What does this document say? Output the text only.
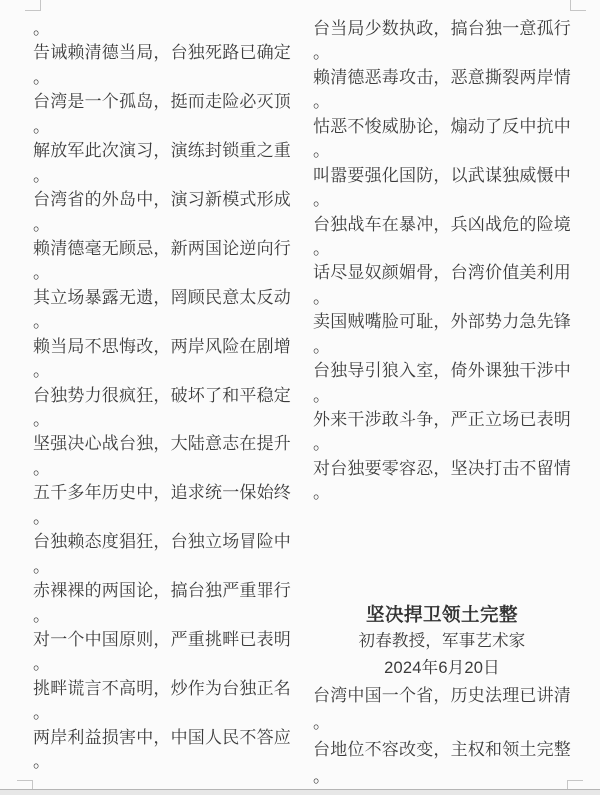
。
告诫赖清德当局，台独死路已确定
。
台湾是一个孤岛，挺而走险必灭顶
。
解放军此次演习，演练封锁重之重
。
台湾省的外岛中，演习新模式形成
。
赖清德毫无顾忌，新两国论逆向行
。
其立场暴露无遗，罔顾民意太反动
。
赖当局不思悔改，两岸风险在剧增
。
台独势力很疯狂，破坏了和平稳定
。
坚强决心战台独，大陆意志在提升
。
五千多年历史中，追求统一保始终
。
台独赖态度猖狂，台独立场冒险中
。
赤裸裸的两国论，搞台独严重罪行
。
对一个中国原则，严重挑畔已表明
。
挑畔谎言不高明，炒作为台独正名
。
两岸利益损害中，中国人民不答应
。
台当局少数执政，搞台独一意孤行
。
赖清德恶毒攻击，恶意撕裂两岸情
。
怙恶不悛威胁论，煽动了反中抗中
。
叫嚣要强化国防，以武谋独威慑中
。
台独战车在暴冲，兵凶战危的险境
。
话尽显奴颜媚骨，台湾价值美利用
。
卖国贼嘴脸可耻，外部势力急先锋
。
台独导引狼入室，倚外课独干涉中
。
外来干涉敢斗争，严正立场已表明
。
对台独要零容忍，坚决打击不留情
。
坚决捍卫领土完整
初春教授，军事艺术家
2024年6月20日
台湾中国一个省，历史法理已讲清
。
台地位不容改变，主权和领土完整
。
